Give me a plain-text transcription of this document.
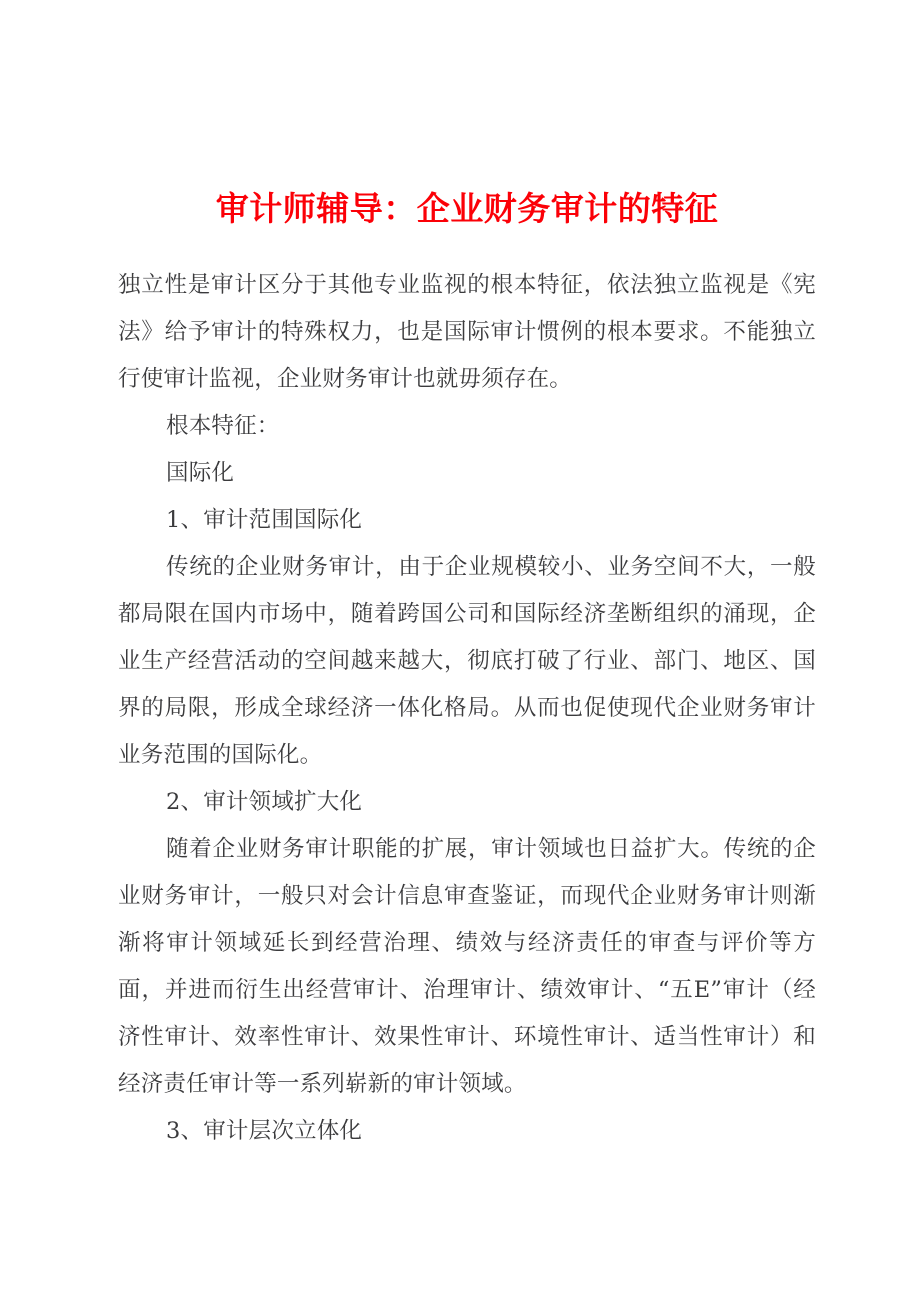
审计师辅导：企业财务审计的特征

独立性是审计区分于其他专业监视的根本特征，依法独立监视是《宪法》给予审计的特殊权力，也是国际审计惯例的根本要求。不能独立行使审计监视，企业财务审计也就毋须存在。

根本特征：

国际化

1、审计范围国际化

传统的企业财务审计，由于企业规模较小、业务空间不大，一般都局限在国内市场中，随着跨国公司和国际经济垄断组织的涌现，企业生产经营活动的空间越来越大，彻底打破了行业、部门、地区、国界的局限，形成全球经济一体化格局。从而也促使现代企业财务审计业务范围的国际化。

2、审计领域扩大化

随着企业财务审计职能的扩展，审计领域也日益扩大。传统的企业财务审计，一般只对会计信息审查鉴证，而现代企业财务审计则渐渐将审计领域延长到经营治理、绩效与经济责任的审查与评价等方面，并进而衍生出经营审计、治理审计、绩效审计、“五E”审计（经济性审计、效率性审计、效果性审计、环境性审计、适当性审计）和经济责任审计等一系列崭新的审计领域。

3、审计层次立体化
